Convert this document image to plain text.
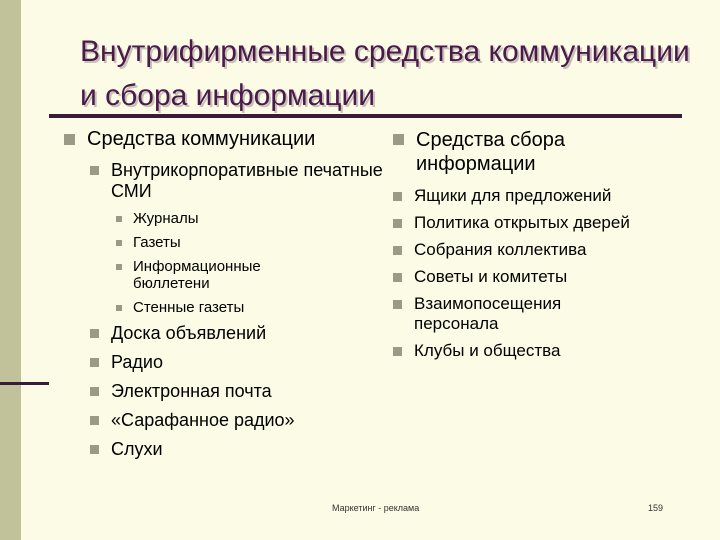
Внутрифирменные средства коммуникации и сбора информации
Средства коммуникации
Внутрикорпоративные печатные СМИ
Журналы
Газеты
Информационные бюллетени
Стенные газеты
Доска объявлений
Радио
Электронная почта
«Сарафанное радио»
Слухи
Средства сбора информации
Ящики для предложений
Политика открытых дверей
Собрания коллектива
Советы и комитеты
Взаимопосещения персонала
Клубы и общества
Маркетинг - реклама	159
